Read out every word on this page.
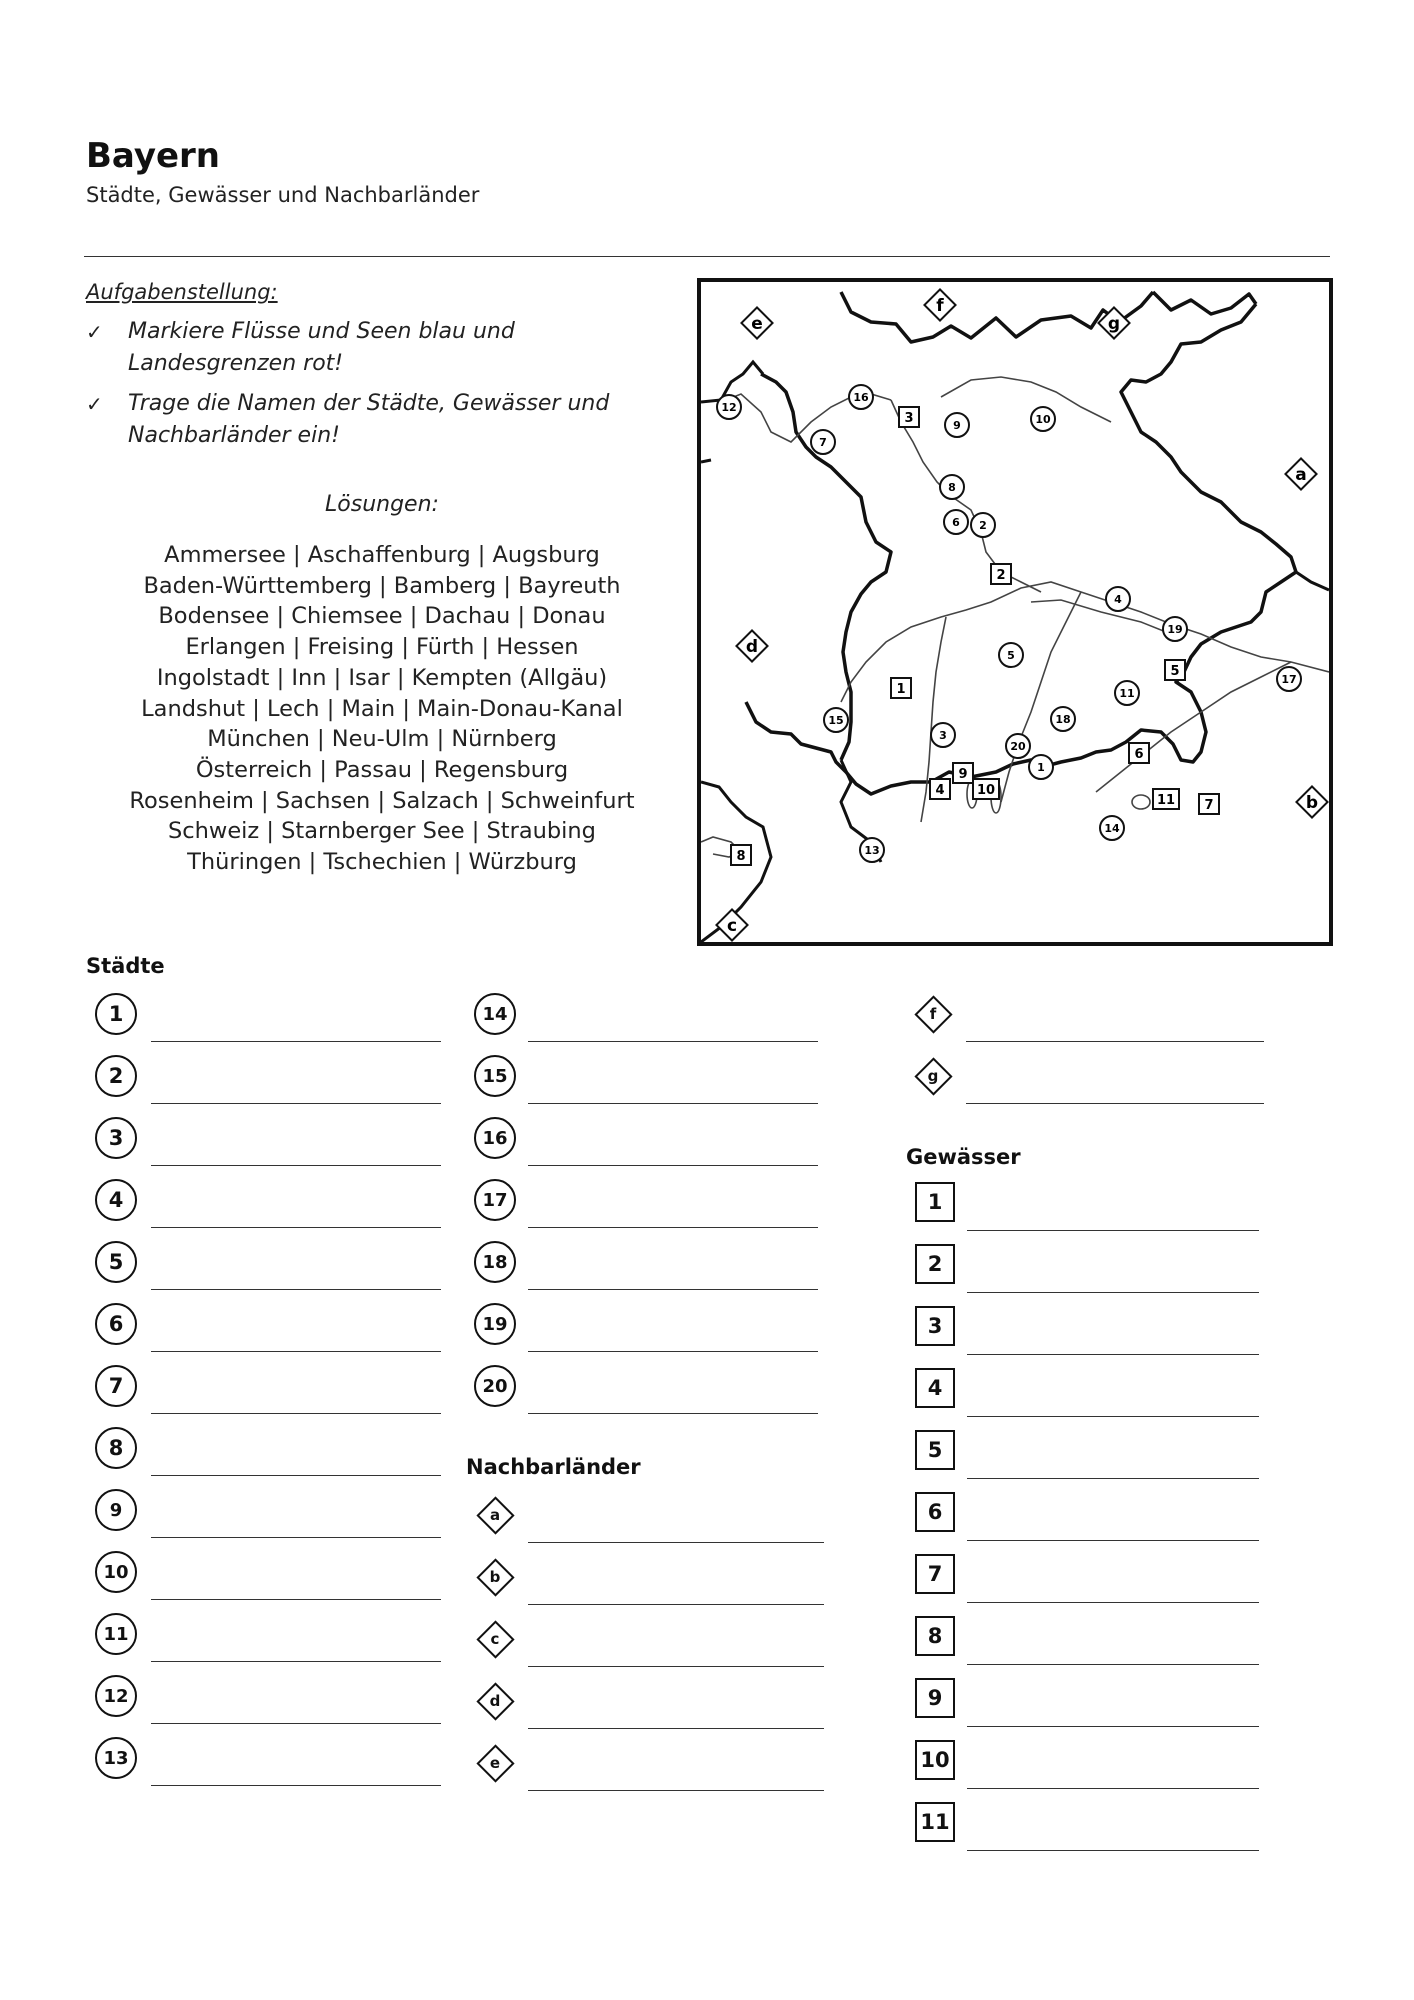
Bayern
Städte, Gewässer und Nachbarländer
Aufgabenstellung:
✓ Markiere Flüsse und Seen blau und Landesgrenzen rot!
✓ Trage die Namen der Städte, Gewässer und Nachbarländer ein!
Lösungen:
Ammersee | Aschaffenburg | Augsburg
Baden-Württemberg | Bamberg | Bayreuth
Bodensee | Chiemsee | Dachau | Donau
Erlangen | Freising | Fürth | Hessen
Ingolstadt | Inn | Isar | Kempten (Allgäu)
Landshut | Lech | Main | Main-Donau-Kanal
München | Neu-Ulm | Nürnberg
Österreich | Passau | Regensburg
Rosenheim | Sachsen | Salzach | Schweinfurt
Schweiz | Starnberger See | Straubing
Thüringen | Tschechien | Würzburg
1
2
3
4
5
6
7
8
9	10
11
12
13
14
15
16
17
18
19
20
1
2
3
4
5
6
7
8
9
10
11
a
b
c
d
e
f
g
Städte
Nachbarländer
Gewässer
1
2
3
4
5
6
7
8
9
10
11
12
13
14
15
16
17
18
19
20
a
b
c
d
e
f
g
1
2
3
4
5
6
7
8
9
10
11
